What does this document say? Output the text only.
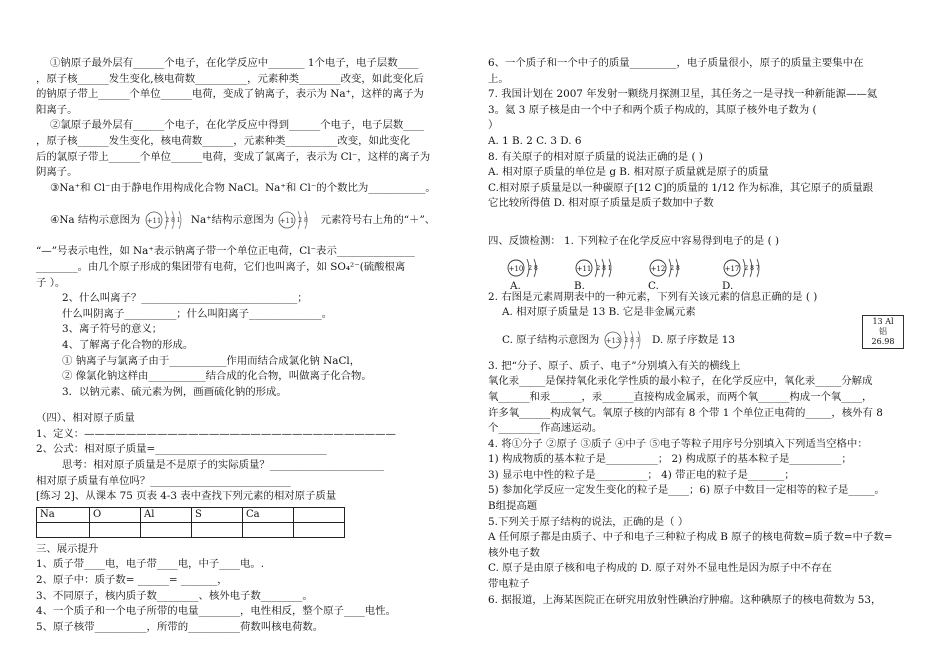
①钠原子最外层有______个电子，在化学反应中_______ 1个电子，电子层数____
，原子核______发生变化,核电荷数__________，元素种类________改变，如此变化后
的钠原子带上______个单位______电荷，变成了钠离子，表示为 Na⁺，这样的离子为
阳离子。
②氯原子最外层有______个电子，在化学反应中得到______个电子，电子层数____
，原子核______发生变化，核电荷数______，元素种类__________改变，如此变化
后的氯原子带上______个单位______电荷，变成了氯离子，表示为 Cl⁻，这样的离子为
阴离子。
③Na⁺和 Cl⁻由于静电作用构成化合物 NaCl。Na⁺和 Cl⁻的个数比为___________。
④Na 结构示意图为 +11 2 8 1 Na⁺结构示意图为 +11 2 8 元素符号右上角的“＋”、
“—”号表示电性，如 Na⁺表示钠离子带一个单位正电荷，Cl⁻表示_______________
________。由几个原子形成的集团带有电荷，它们也叫离子，如 SO₄²⁻(硫酸根离
子 ）。
2、什么叫离子？______________________________；
什么叫阴离子__________；什么叫阳离子______________。
3、离子符号的意义；
4、了解离子化合物的形成。
① 钠离子与氯离子由于___________作用而结合成氯化钠 NaCl，
② 像氯化钠这样由___________结合成的化合物，叫做离子化合物。
3．以钠元素、硫元素为例，画画硫化钠的形成。
（四）、相对原子质量
1、定义：——————————————————————————————
2、公式：相对原子质量=_________________________________
思考：相对原子质量是不是原子的实际质量？______________________
相对原子质量有单位吗？___________________________
[练习 2]、从课本 75 页表 4-3 表中查找下列元素的相对原子质量
Na	O	Al	S	Ca	

三、展示提升
1、质子带____电，电子带____电，中子____电。.
2、原子中：质子数= ______= _______，
3、不同原子，核内质子数________、核外电子数________。
4、一个质子和一个电子所带的电量________，电性相反，整个原子____电性。
5、原子核带__________，所带的__________荷数叫核电荷数。
6、一个质子和一个中子的质量_________，电子质量很小，原子的质量主要集中在
上。
7. 我国计划在 2007 年发射一颗绕月探测卫星，其任务之一是寻找一种新能源——氦
3。氦 3 原子核是由一个中子和两个质子构成的，其原子核外电子数为 (
）
A. 1 B. 2 C. 3 D. 6
8. 有关原子的相对原子质量的说法正确的是 ( )
A. 相对原子质量的单位是 g B. 相对原子质量就是原子的质量
C.相对原子质量是以一种碳原子[12 C]的质量的 1/12 作为标准，其它原子的质量跟
它比较所得值 D. 相对原子质量是质子数加中子数
四、反馈检测： 1. 下列粒子在化学反应中容易得到电子的是 ( )
+10 2 8
A.
+11 2 8 1
B.
+12 2 8
C.
+17 2 8 7
D.
2. 右图是元素周期表中的一种元素，下列有关该元素的信息正确的是 ( )
A. 相对原子质量是 13 B. 它是非金属元素
13 Al
铝
26.98
C. 原子结构示意图为 +13 2 8 3 D. 原子序数是 13
3. 把“分子、原子、质子、电子”分别填入有关的横线上
氧化汞_____是保持氧化汞化学性质的最小粒子，在化学反应中，氧化汞_____分解成
氧______和汞______，汞______直接构成金属汞，而两个氧______构成一个氧____，
许多氧______构成氧气。氧原子核的内部有 8 个带 1 个单位正电荷的_____，核外有 8
个________作高速运动。
4. 将①分子 ②原子 ③质子 ④中子 ⑤电子等粒子用序号分别填入下列适当空格中：
1) 构成物质的基本粒子是__________； 2) 构成原子的基本粒子是__________；
3) 显示电中性的粒子是__________； 4) 带正电的粒子是_______；
5) 参加化学反应一定发生变化的粒子是____；6) 原子中数目一定相等的粒子是_____。
B组提高题
5.下列关于原子结构的说法，正确的是（ ）
A 任何原子都是由质子、中子和电子三种粒子构成 B 原子的核电荷数=质子数=中子数=
核外电子数
C. 原子是由原子核和电子构成的 D. 原子对外不显电性是因为原子中不存在
带电粒子
6. 据报道，上海某医院正在研究用放射性碘治疗肿瘤。这种碘原子的核电荷数为 53，
